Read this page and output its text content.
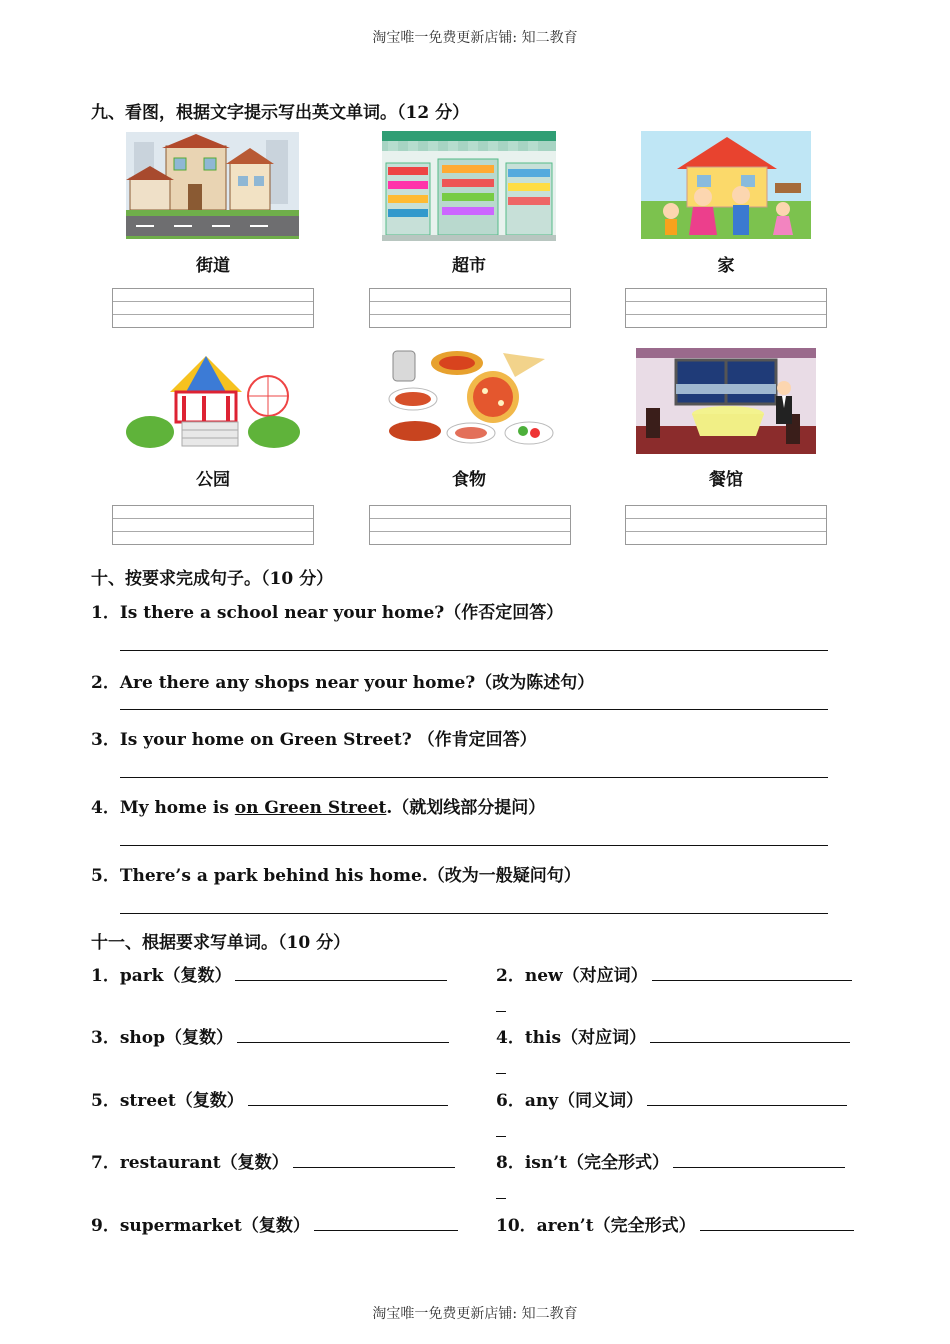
淘宝唯一免费更新店铺: 知二教育
九、看图，根据文字提示写出英文单词。（12 分）
街道	超市	家
公园	食物	餐馆
十、按要求完成句子。（10 分）
1．Is there a school near your home?（作否定回答）
2．Are there any shops near your home?（改为陈述句）
3．Is your home on Green Street? （作肯定回答）
4．My home is on Green Street.（就划线部分提问）
5．There’s a park behind his home.（改为一般疑问句）
十一、根据要求写单词。（10 分）
1．park（复数）	2．new（对应词）
3．shop（复数）	4．this（对应词）
5．street（复数）	6．any（同义词）
7．restaurant（复数）	8．isn’t（完全形式）
9．supermarket（复数）	10．aren’t（完全形式）
淘宝唯一免费更新店铺: 知二教育
